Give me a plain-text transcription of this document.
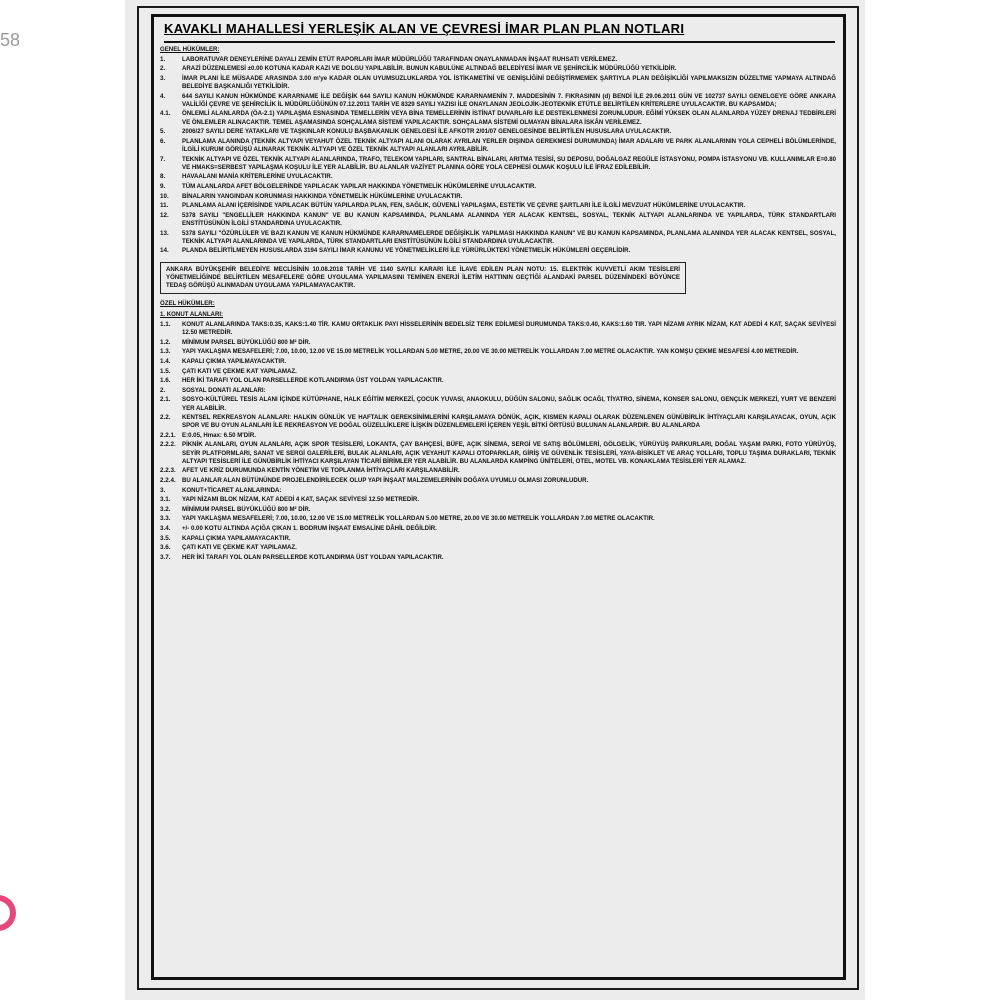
58
KAVAKLI MAHALLESİ YERLEŞİK ALAN VE ÇEVRESİ İMAR PLAN PLAN NOTLARI
GENEL HÜKÜMLER:
1.	LABORATUVAR DENEYLERİNE DAYALI ZEMİN ETÜT RAPORLARI İMAR MÜDÜRLÜĞÜ TARAFINDAN ONAYLANMADAN İNŞAAT RUHSATI VERİLEMEZ.
2.	ARAZİ DÜZENLEMESİ ±0.00 KOTUNA KADAR KAZI VE DOLGU YAPILABİLİR. BUNUN KABULÜNE ALTINDAĞ BELEDİYESİ İMAR VE ŞEHİRCİLİK MÜDÜRLÜĞÜ YETKİLİDİR.
3.	İMAR PLANI İLE MÜSAADE ARASINDA 3.00 m'ye KADAR OLAN UYUMSUZLUKLARDA YOL İSTİKAMETİNİ VE GENİŞLİĞİNİ DEĞİŞTİRMEMEK ŞARTIYLA PLAN DEĞİŞİKLİĞİ YAPILMAKSIZIN DÜZELTME YAPMAYA ALTINDAĞ BELEDİYE BAŞKANLIĞI YETKİLİDİR.
4.	644 SAYILI KANUN HÜKMÜNDE KARARNAME İLE DEĞİŞİK 644 SAYILI KANUN HÜKMÜNDE KARARNAMENİN 7. MADDESİNİN 7. FIKRASININ (d) BENDİ İLE 29.06.2011 GÜN VE 102737 SAYILI GENELGEYE GÖRE ANKARA VALİLİĞİ ÇEVRE VE ŞEHİRCİLİK İL MÜDÜRLÜĞÜNÜN 07.12.2011 TARİH VE 8329 SAYILI YAZISI İLE ONAYLANAN JEOLOJİK-JEOTEKNİK ETÜTLE BELİRTİLEN KRİTERLERE UYULACAKTIR. BU KAPSAMDA;
4.1.	ÖNLEMLİ ALANLARDA (ÖA-2.1) YAPILAŞMA ESNASINDA TEMELLERİN VEYA BİNA TEMELLERİNİN İSTİNAT DUVARLARI İLE DESTEKLENMESİ ZORUNLUDUR. EĞİMİ YÜKSEK OLAN ALANLARDA YÜZEY DRENAJ TEDBİRLERİ VE ÖNLEMLER ALINACAKTIR. TEMEL AŞAMASINDA SOHÇALAMA SİSTEMİ YAPILACAKTIR. SOHÇALAMA SİSTEMİ OLMAYAN BİNALARA İSKÂN VERİLEMEZ.
5.	2006/27 SAYILI DERE YATAKLARI VE TAŞKINLAR KONULU BAŞBAKANLIK GENELGESİ İLE AFKOTR 2/01/07 GENELGESİNDE BELİRTİLEN HUSUSLARA UYULACAKTIR.
6.	PLANLAMA ALANINDA (TEKNİK ALTYAPI VEYAHUT ÖZEL TEKNİK ALTYAPI ALANI OLARAK AYRILAN YERLER DIŞINDA GEREKMESİ DURUMUNDA) İMAR ADALARI VE PARK ALANLARININ YOLA CEPHELİ BÖLÜMLERİNDE, İLGİLİ KURUM GÖRÜŞÜ ALINARAK TEKNİK ALTYAPI VE ÖZEL TEKNİK ALTYAPI ALANLARI AYRILABİLİR.
7.	TEKNİK ALTYAPI VE ÖZEL TEKNİK ALTYAPI ALANLARINDA, TRAFO, TELEKOM YAPILARI, SANTRAL BİNALARI, ARITMA TESİSİ, SU DEPOSU, DOĞALGAZ REGÜLE İSTASYONU, POMPA İSTASYONU VB. KULLANIMLAR E=0.80 VE HMAKS=SERBEST YAPILAŞMA KOŞULU İLE YER ALABİLİR. BU ALANLAR VAZİYET PLANINA GÖRE YOLA CEPHESİ OLMAK KOŞULU İLE İFRAZ EDİLEBİLİR.
8.	HAVAALANI MANİA KRİTERLERİNE UYULACAKTIR.
9.	TÜM ALANLARDA AFET BÖLGELERİNDE YAPILACAK YAPILAR HAKKINDA YÖNETMELİK HÜKÜMLERİNE UYULACAKTIR.
10.	BİNALARIN YANGINDAN KORUNMASI HAKKINDA YÖNETMELİK HÜKÜMLERİNE UYULACAKTIR.
11.	PLANLAMA ALANI İÇERİSİNDE YAPILACAK BÜTÜN YAPILARDA PLAN, FEN, SAĞLIK, GÜVENLİ YAPILAŞMA, ESTETİK VE ÇEVRE ŞARTLARI İLE İLGİLİ MEVZUAT HÜKÜMLERİNE UYULACAKTIR.
12.	5378 SAYILI "ENGELLİLER HAKKINDA KANUN" VE BU KANUN KAPSAMINDA, PLANLAMA ALANINDA YER ALACAK KENTSEL, SOSYAL, TEKNİK ALTYAPI ALANLARINDA VE YAPILARDA, TÜRK STANDARTLARI ENSTİTÜSÜNÜN İLGİLİ STANDARDINA UYULACAKTIR.
13.	5378 SAYILI "ÖZÜRLÜLER VE BAZI KANUN VE KANUN HÜKMÜNDE KARARNAMELERDE DEĞİŞİKLİK YAPILMASI HAKKINDA KANUN" VE BU KANUN KAPSAMINDA, PLANLAMA ALANINDA YER ALACAK KENTSEL, SOSYAL, TEKNİK ALTYAPI ALANLARINDA VE YAPILARDA, TÜRK STANDARTLARI ENSTİTÜSÜNÜN İLGİLİ STANDARDINA UYULACAKTIR.
14.	PLANDA BELİRTİLMEYEN HUSUSLARDA 3194 SAYILI İMAR KANUNU VE YÖNETMELİKLERİ İLE YÜRÜRLÜKTEKİ YÖNETMELİK HÜKÜMLERİ GEÇERLİDİR.
ANKARA BÜYÜKŞEHİR BELEDİYE MECLİSİNİN 10.08.2018 TARİH VE 1140 SAYILI KARARI İLE İLAVE EDİLEN PLAN NOTU: 15. ELEKTRİK KUVVETLİ AKIM TESİSLERİ YÖNETMELİĞİNDE BELİRTİLEN MESAFELERE GÖRE UYGULAMA YAPILMASINI TEMİNEN ENERJİ İLETİM HATTININ GEÇTİĞİ ALANDAKİ PARSEL DÜZENİNDEKİ BÖYÜNCE TEDAŞ GÖRÜŞÜ ALINMADAN UYGULAMA YAPILAMAYACAKTIR.
ÖZEL HÜKÜMLER:
1. KONUT ALANLARI:
1.1.	KONUT ALANLARINDA TAKS:0.35, KAKS:1.40 TİR. KAMU ORTAKLIK PAYI HİSSELERİNİN BEDELSİZ TERK EDİLMESİ DURUMUNDA TAKS:0.40, KAKS:1.60 TIR. YAPI NİZAMI AYRIK NİZAM, KAT ADEDİ 4 KAT, SAÇAK SEVİYESİ 12.50 METREDİR.
1.2.	MİNİMUM PARSEL BÜYÜKLÜĞÜ 800 M² DİR.
1.3.	YAPI YAKLAŞMA MESAFELERİ; 7.00, 10.00, 12.00 VE 15.00 METRELİK YOLLARDAN 5.00 METRE, 20.00 VE 30.00 METRELİK YOLLARDAN 7.00 METRE OLACAKTIR. YAN KOMŞU ÇEKME MESAFESİ 4.00 METREDİR.
1.4.	KAPALI ÇIKMA YAPILMAYACAKTIR.
1.5.	ÇATI KATI VE ÇEKME KAT YAPILAMAZ.
1.6.	HER İKİ TARAFI YOL OLAN PARSELLERDE KOTLANDIRMA ÜST YOLDAN YAPILACAKTIR.
2.	SOSYAL DONATI ALANLARI:
2.1.	SOSYO-KÜLTÜREL TESİS ALANI İÇİNDE KÜTÜPHANE, HALK EĞİTİM MERKEZİ, ÇOCUK YUVASI, ANAOKULU, DÜĞÜN SALONU, SAĞLIK OCAĞI, TİYATRO, SİNEMA, KONSER SALONU, GENÇLİK MERKEZİ, YURT VE BENZERİ YER ALABİLİR.
2.2.	KENTSEL REKREASYON ALANLARI: HALKIN GÜNLÜK VE HAFTALIK GEREKSİNİMLERİNİ KARŞILAMAYA DÖNÜK, AÇIK, KISMEN KAPALI OLARAK DÜZENLENEN GÜNÜBİRLİK İHTİYAÇLARI KARŞILAYACAK, OYUN, AÇIK SPOR VE BU OYUN ALANLARI İLE REKREASYON VE DOĞAL GÜZELLİKLERE İLİŞKİN DÜZENLEMELERİ İÇEREN YEŞİL BİTKİ ÖRTÜSÜ BULUNAN ALANLARDIR. BU ALANLARDA
2.2.1.	E:0.05, Hmax: 6.50 M'DİR.
2.2.2.	PİKNİK ALANLARI, OYUN ALANLARI, AÇIK SPOR TESİSLERİ, LOKANTA, ÇAY BAHÇESİ, BÜFE, AÇIK SİNEMA, SERGİ VE SATIŞ BÖLÜMLERİ, GÖLGELİK, YÜRÜYÜŞ PARKURLARI, DOĞAL YAŞAM PARKI, FOTO YÜRÜYÜŞ, SEYİR PLATFORMLARI, SANAT VE SERGİ GALERİLERİ, BULAK ALANLARI, AÇIK VEYAHUT KAPALI OTOPARKLAR, GİRİŞ VE GÜVENLİK TESİSLERİ, YAYA-BİSİKLET VE ARAÇ YOLLARI, TOPLU TAŞIMA DURAKLARI, TEKNİK ALTYAPI TESİSLERİ İLE GÜNÜBİRLİK İHTİYACI KARŞILAYAN TİCARİ BİRİMLER YER ALABİLİR. BU ALANLARDA KAMPİNG ÜNİTELERİ, OTEL, MOTEL VB. KONAKLAMA TESİSLERİ YER ALAMAZ.
2.2.3.	AFET VE KRİZ DURUMUNDA KENTİN YÖNETİM VE TOPLANMA İHTİYAÇLARI KARŞILANABİLİR.
2.2.4.	BU ALANLAR ALAN BÜTÜNÜNDE PROJELENDİRİLECEK OLUP YAPI İNŞAAT MALZEMELERİNİN DOĞAYA UYUMLU OLMASI ZORUNLUDUR.
3.	KONUT+TİCARET ALANLARINDA:
3.1.	YAPI NİZAMI BLOK NİZAM, KAT ADEDİ 4 KAT, SAÇAK SEVİYESİ 12.50 METREDİR.
3.2.	MİNİMUM PARSEL BÜYÜKLÜĞÜ 800 M² DİR.
3.3.	YAPI YAKLAŞMA MESAFELERİ; 7.00, 10.00, 12.00 VE 15.00 METRELİK YOLLARDAN 5.00 METRE, 20.00 VE 30.00 METRELİK YOLLARDAN 7.00 METRE OLACAKTIR.
3.4.	+/- 0.00 KOTU ALTINDA AÇIĞA ÇIKAN 1. BODRUM İNŞAAT EMSALİNE DÂHİL DEĞİLDİR.
3.5.	KAPALI ÇIKMA YAPILAMAYACAKTIR.
3.6.	ÇATI KATI VE ÇEKME KAT YAPILAMAZ.
3.7.	HER İKİ TARAFI YOL OLAN PARSELLERDE KOTLANDIRMA ÜST YOLDAN YAPILACAKTIR.
